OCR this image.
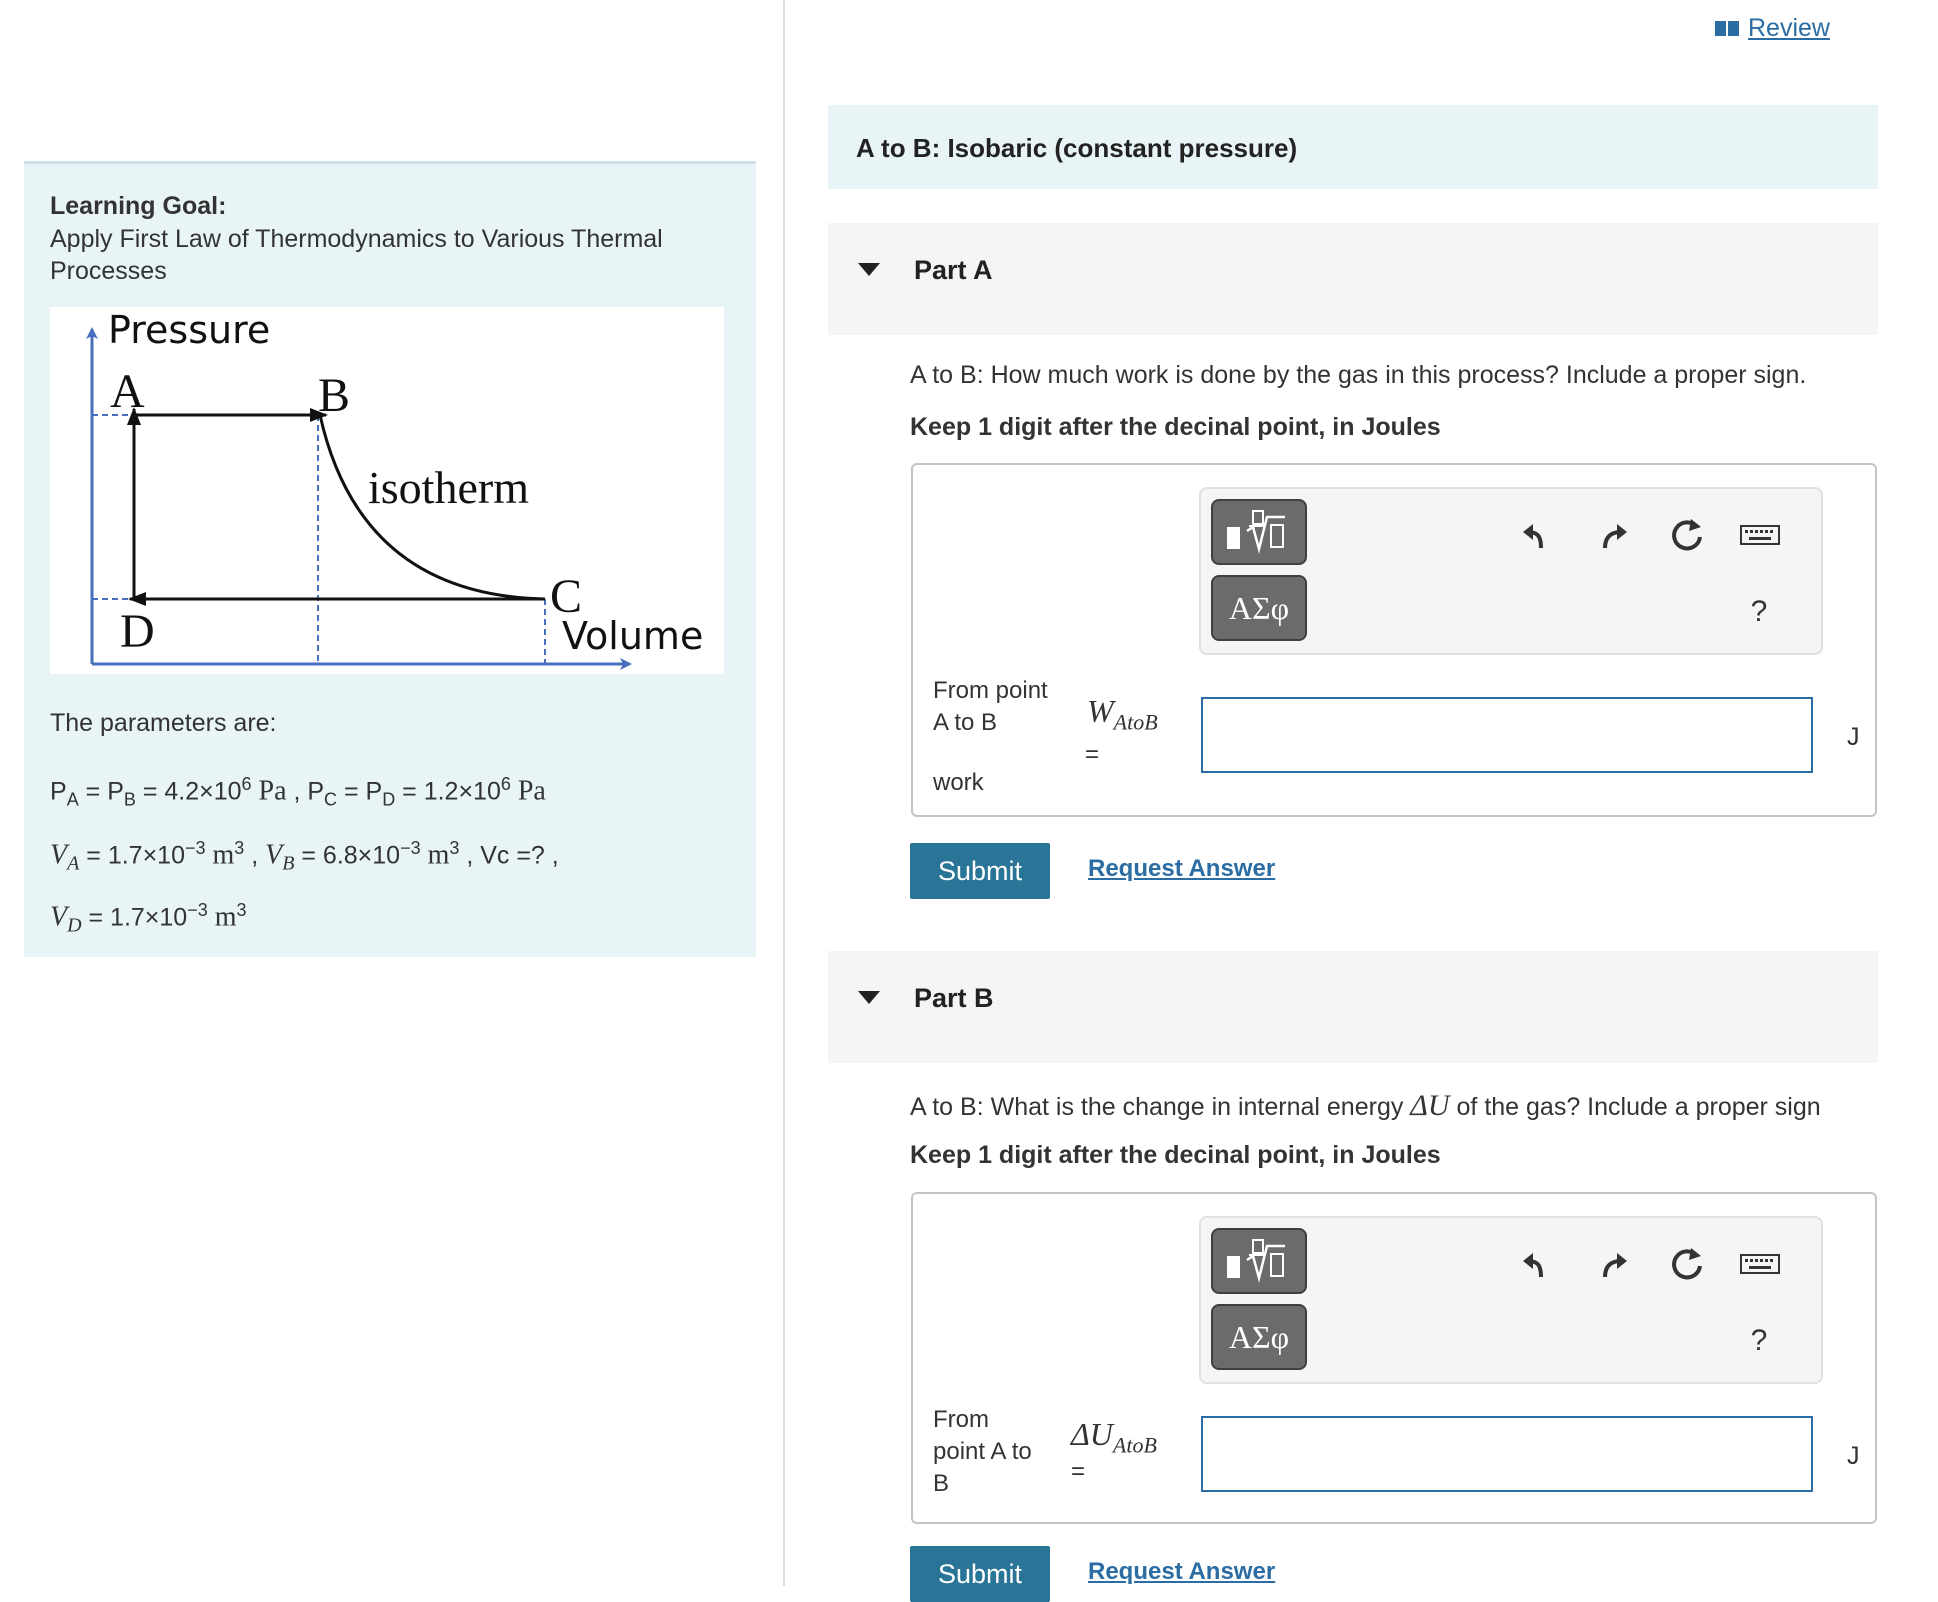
Learning Goal:
Apply First Law of Thermodynamics to Various Thermal Processes
Pressure
Volume
A	B
C
D
isotherm
The parameters are:
$P_A = P_B = 4.2\times 10^6$ Pa , $P_C = P_D = 1.2\times 10^6$ Pa
$V_A = 1.7\times 10^{-3}$ $m^3$ , $V_B = 6.8\times 10^{-3}$ $m^3$ , Vc =? ,
$V_D = 1.7\times 10^{-3}$ $m^3$
Review
A to B: Isobaric (constant pressure)
Part A
A to B: How much work is done by the gas in this process? Include a proper sign.
Keep 1 digit after the decinal point, in Joules
ΑΣφ	?
From point
A to B
work
$W_{AtoB}$
=
J
Submit	Request Answer
Part B
A to B: What is the change in internal energy ΔU of the gas? Include a proper sign
Keep 1 digit after the decinal point, in Joules
ΑΣφ	?
From
point A to
B
$\Delta U_{AtoB}$
=
J
Submit	Request Answer
